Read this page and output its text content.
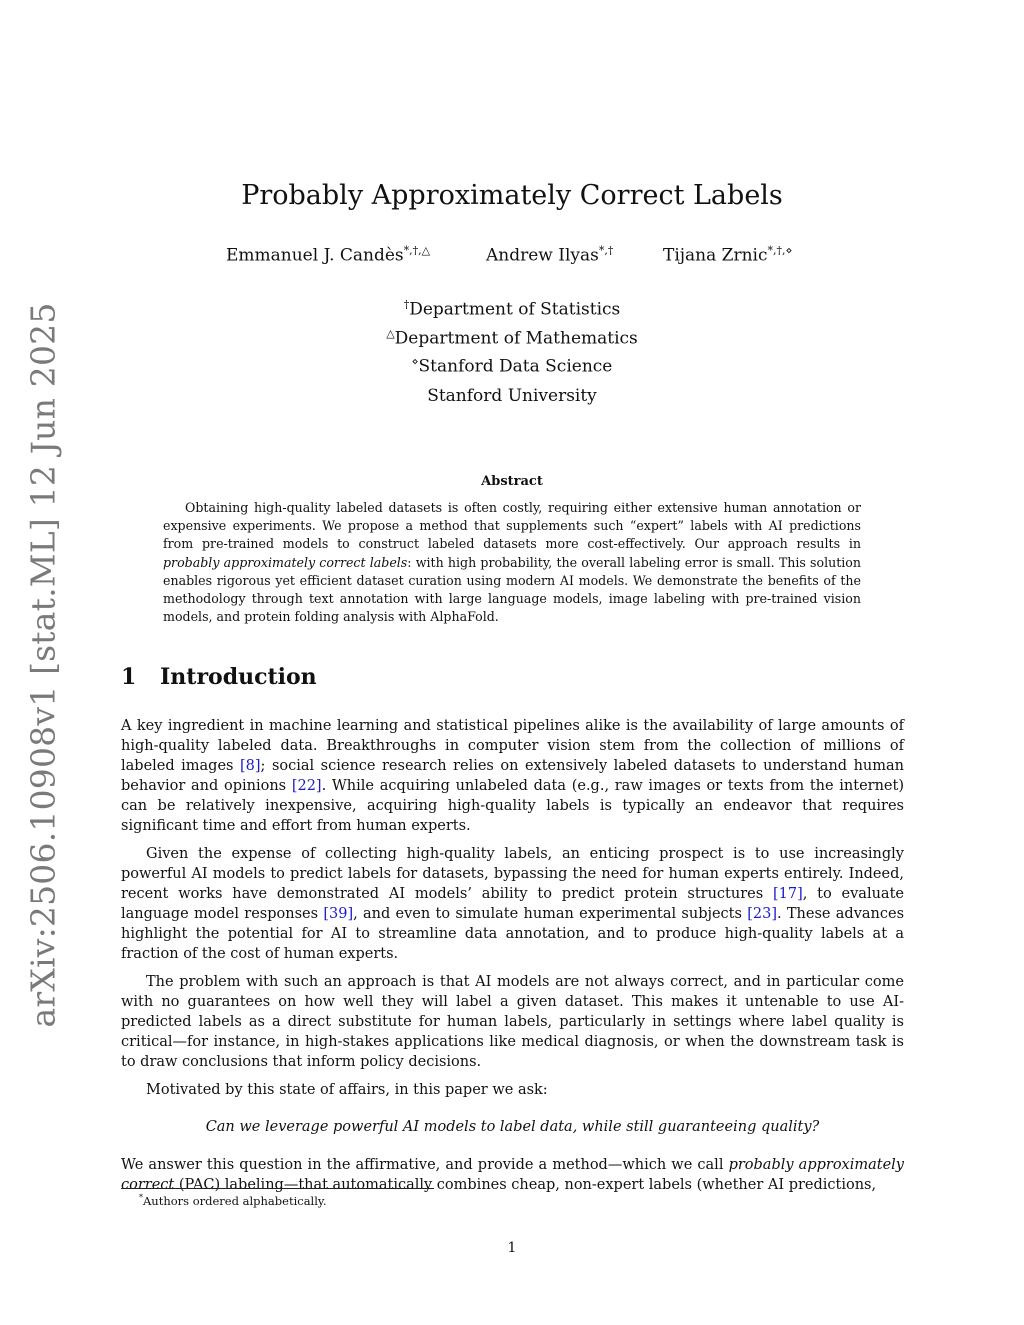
arXiv:2506.10908v1 [stat.ML] 12 Jun 2025
Probably Approximately Correct Labels
Emmanuel J. Candès*,†,△	Andrew Ilyas*,†	Tijana Zrnic*,†,⋄
†Department of Statistics
△Department of Mathematics
⋄Stanford Data Science
Stanford University
Abstract

Obtaining high-quality labeled datasets is often costly, requiring either extensive human annotation or expensive experiments. We propose a method that supplements such “expert” labels with AI predictions from pre-trained models to construct labeled datasets more cost-effectively. Our approach results in probably approximately correct labels: with high probability, the overall labeling error is small. This solution enables rigorous yet efficient dataset curation using modern AI models. We demonstrate the benefits of the methodology through text annotation with large language models, image labeling with pre-trained vision models, and protein folding analysis with AlphaFold.

1 Introduction

A key ingredient in machine learning and statistical pipelines alike is the availability of large amounts of high-quality labeled data. Breakthroughs in computer vision stem from the collection of millions of labeled images [8]; social science research relies on extensively labeled datasets to understand human behavior and opinions [22]. While acquiring unlabeled data (e.g., raw images or texts from the internet) can be relatively inexpensive, acquiring high-quality labels is typically an endeavor that requires significant time and effort from human experts.

Given the expense of collecting high-quality labels, an enticing prospect is to use increasingly powerful AI models to predict labels for datasets, bypassing the need for human experts entirely. Indeed, recent works have demonstrated AI models’ ability to predict protein structures [17], to evaluate language model responses [39], and even to simulate human experimental subjects [23]. These advances highlight the potential for AI to streamline data annotation, and to produce high-quality labels at a fraction of the cost of human experts.

The problem with such an approach is that AI models are not always correct, and in particular come with no guarantees on how well they will label a given dataset. This makes it untenable to use AI-predicted labels as a direct substitute for human labels, particularly in settings where label quality is critical—for instance, in high-stakes applications like medical diagnosis, or when the downstream task is to draw conclusions that inform policy decisions.

Motivated by this state of affairs, in this paper we ask:

Can we leverage powerful AI models to label data, while still guaranteeing quality?

We answer this question in the affirmative, and provide a method—which we call probably approximately correct (PAC) labeling—that automatically combines cheap, non-expert labels (whether AI predictions,

*Authors ordered alphabetically.
1
